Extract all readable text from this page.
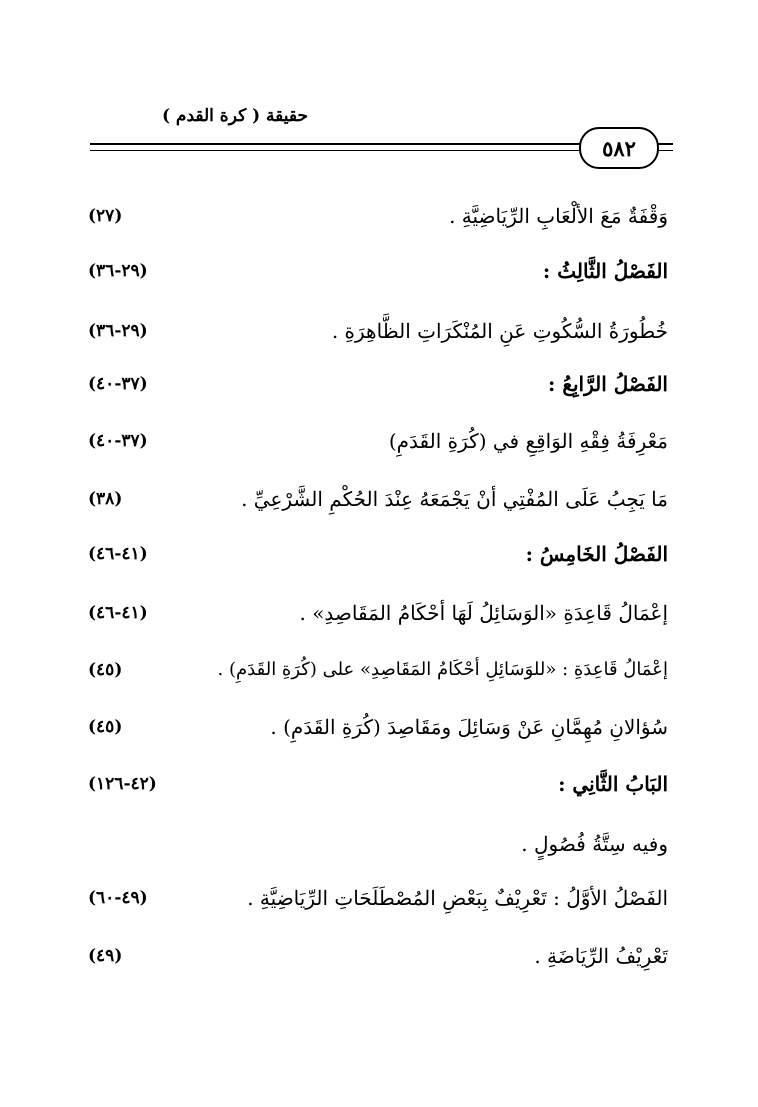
حقيقة ( كرة القدم )
٥٨٢
وَقْفَةٌ مَعَ الألْعَابِ الرِّيَاضِيَّةِ .
(٢٧)
الفَصْلُ الثَّالِثُ :
(٢٩-٣٦)
خُطُورَةُ السُّكُوتِ عَنِ المُنْكَرَاتِ الظَّاهِرَةِ .
(٢٩-٣٦)
الفَصْلُ الرَّابِعُ :
(٣٧-٤٠)
مَعْرِفَةُ فِقْهِ الوَاقِعِ في (كُرَةِ القَدَمِ)
(٣٧-٤٠)
مَا يَجِبُ عَلَى المُفْتِي أنْ يَجْمَعَهُ عِنْدَ الحُكْمِ الشَّرْعِيِّ .
(٣٨)
الفَصْلُ الخَامِسُ :
(٤١-٤٦)
إعْمَالُ قَاعِدَةِ «الوَسَائِلُ لَهَا أحْكَامُ المَقَاصِدِ» .
(٤١-٤٦)
إعْمَالُ قَاعِدَةِ : «للوَسَائِلِ أحْكَامُ المَقَاصِدِ» على (كُرَةِ القَدَمِ) .
(٤٥)
سُؤالانِ مُهِمَّانِ عَنْ وَسَائِلَ ومَقَاصِدَ (كُرَةِ القَدَمِ) .
(٤٥)
البَابُ الثَّانِي :
(٤٢-١٢٦)
وفيه سِتَّةُ فُصُولٍ .
الفَصْلُ الأوَّلُ : تَعْرِيْفٌ بِبَعْضِ المُصْطَلَحَاتِ الرِّيَاضِيَّةِ .
(٤٩-٦٠)
تَعْرِيْفُ الرِّيَاضَةِ .
(٤٩)
